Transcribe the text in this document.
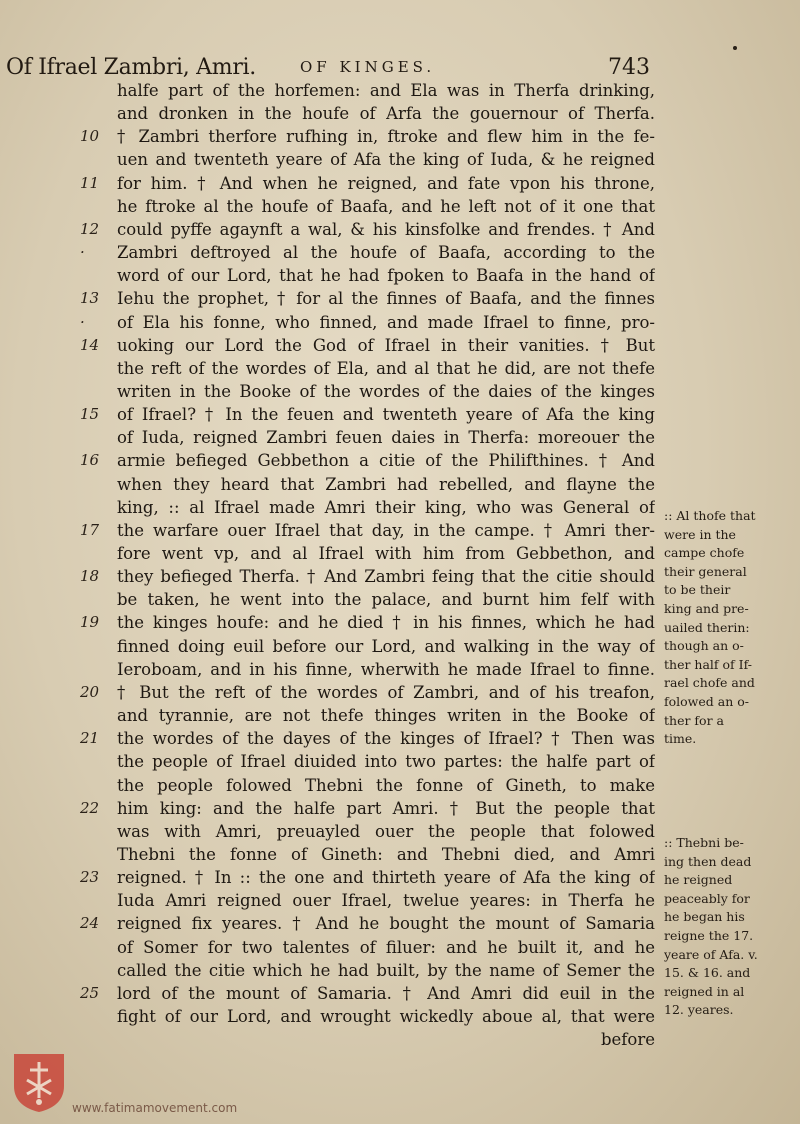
Of Ifrael Zambri, Amri.	OF KINGES.	743
halfe part of the horfemen: and Ela was in Therfa drinking,
and dronken in the houfe of Arfa the gouernour of Therfa.
† Zambri therfore rufhing in, ftroke and flew him in the fe-
uen and twenteth yeare of Afa the king of Iuda, & he reigned
for him. † And when he reigned, and fate vpon his throne,
he ftroke al the houfe of Baafa, and he left not of it one that
could pyffe agaynft a wal, & his kinsfolke and frendes. † And
Zambri deftroyed al the houfe of Baafa, according to the
word of our Lord, that he had fpoken to Baafa in the hand of
Iehu the prophet, † for al the finnes of Baafa, and the finnes
of Ela his fonne, who finned, and made Ifrael to finne, pro-
uoking our Lord the God of Ifrael in their vanities. † But
the reft of the wordes of Ela, and al that he did, are not thefe
writen in the Booke of the wordes of the daies of the kinges
of Ifrael? † In the feuen and twenteth yeare of Afa the king
of Iuda, reigned Zambri feuen daies in Therfa: moreouer the
armie befieged Gebbethon a citie of the Philifthines. † And
when they heard that Zambri had rebelled, and flayne the
king, :: al Ifrael made Amri their king, who was General of
the warfare ouer Ifrael that day, in the campe. † Amri ther-
fore went vp, and al Ifrael with him from Gebbethon, and
they befieged Therfa. † And Zambri feing that the citie should
be taken, he went into the palace, and burnt him felf with
the kinges houfe: and he died † in his finnes, which he had
finned doing euil before our Lord, and walking in the way of
Ieroboam, and in his finne, wherwith he made Ifrael to finne.
† But the reft of the wordes of Zambri, and of his treafon,
and tyrannie, are not thefe thinges writen in the Booke of
the wordes of the dayes of the kinges of Ifrael? † Then was
the people of Ifrael diuided into two partes: the halfe part of
the people folowed Thebni the fonne of Gineth, to make
him king: and the halfe part Amri. † But the people that
was with Amri, preuayled ouer the people that folowed
Thebni the fonne of Gineth: and Thebni died, and Amri
reigned. † In :: the one and thirteth yeare of Afa the king of
Iuda Amri reigned ouer Ifrael, twelue yeares: in Therfa he
reigned fix yeares. † And he bought the mount of Samaria
of Somer for two talentes of filuer: and he built it, and he
called the citie which he had built, by the name of Semer the
lord of the mount of Samaria. † And Amri did euil in the
fight of our Lord, and wrought wickedly aboue al, that were
before
10
11
12
·
13
·
14
15
16
17
18
19
20
21
22
23
24
25
:: Al thofe that
were in the
campe chofe
their general
to be their
king and pre-
uailed therin:
though an o-
ther half of If-
rael chofe and
folowed an o-
ther for a
time.
:: Thebni be-
ing then dead
he reigned
peaceably for
he began his
reigne the 17.
yeare of Afa. v.
15. & 16. and
reigned in al
12. yeares.
www.fatimamovement.com
